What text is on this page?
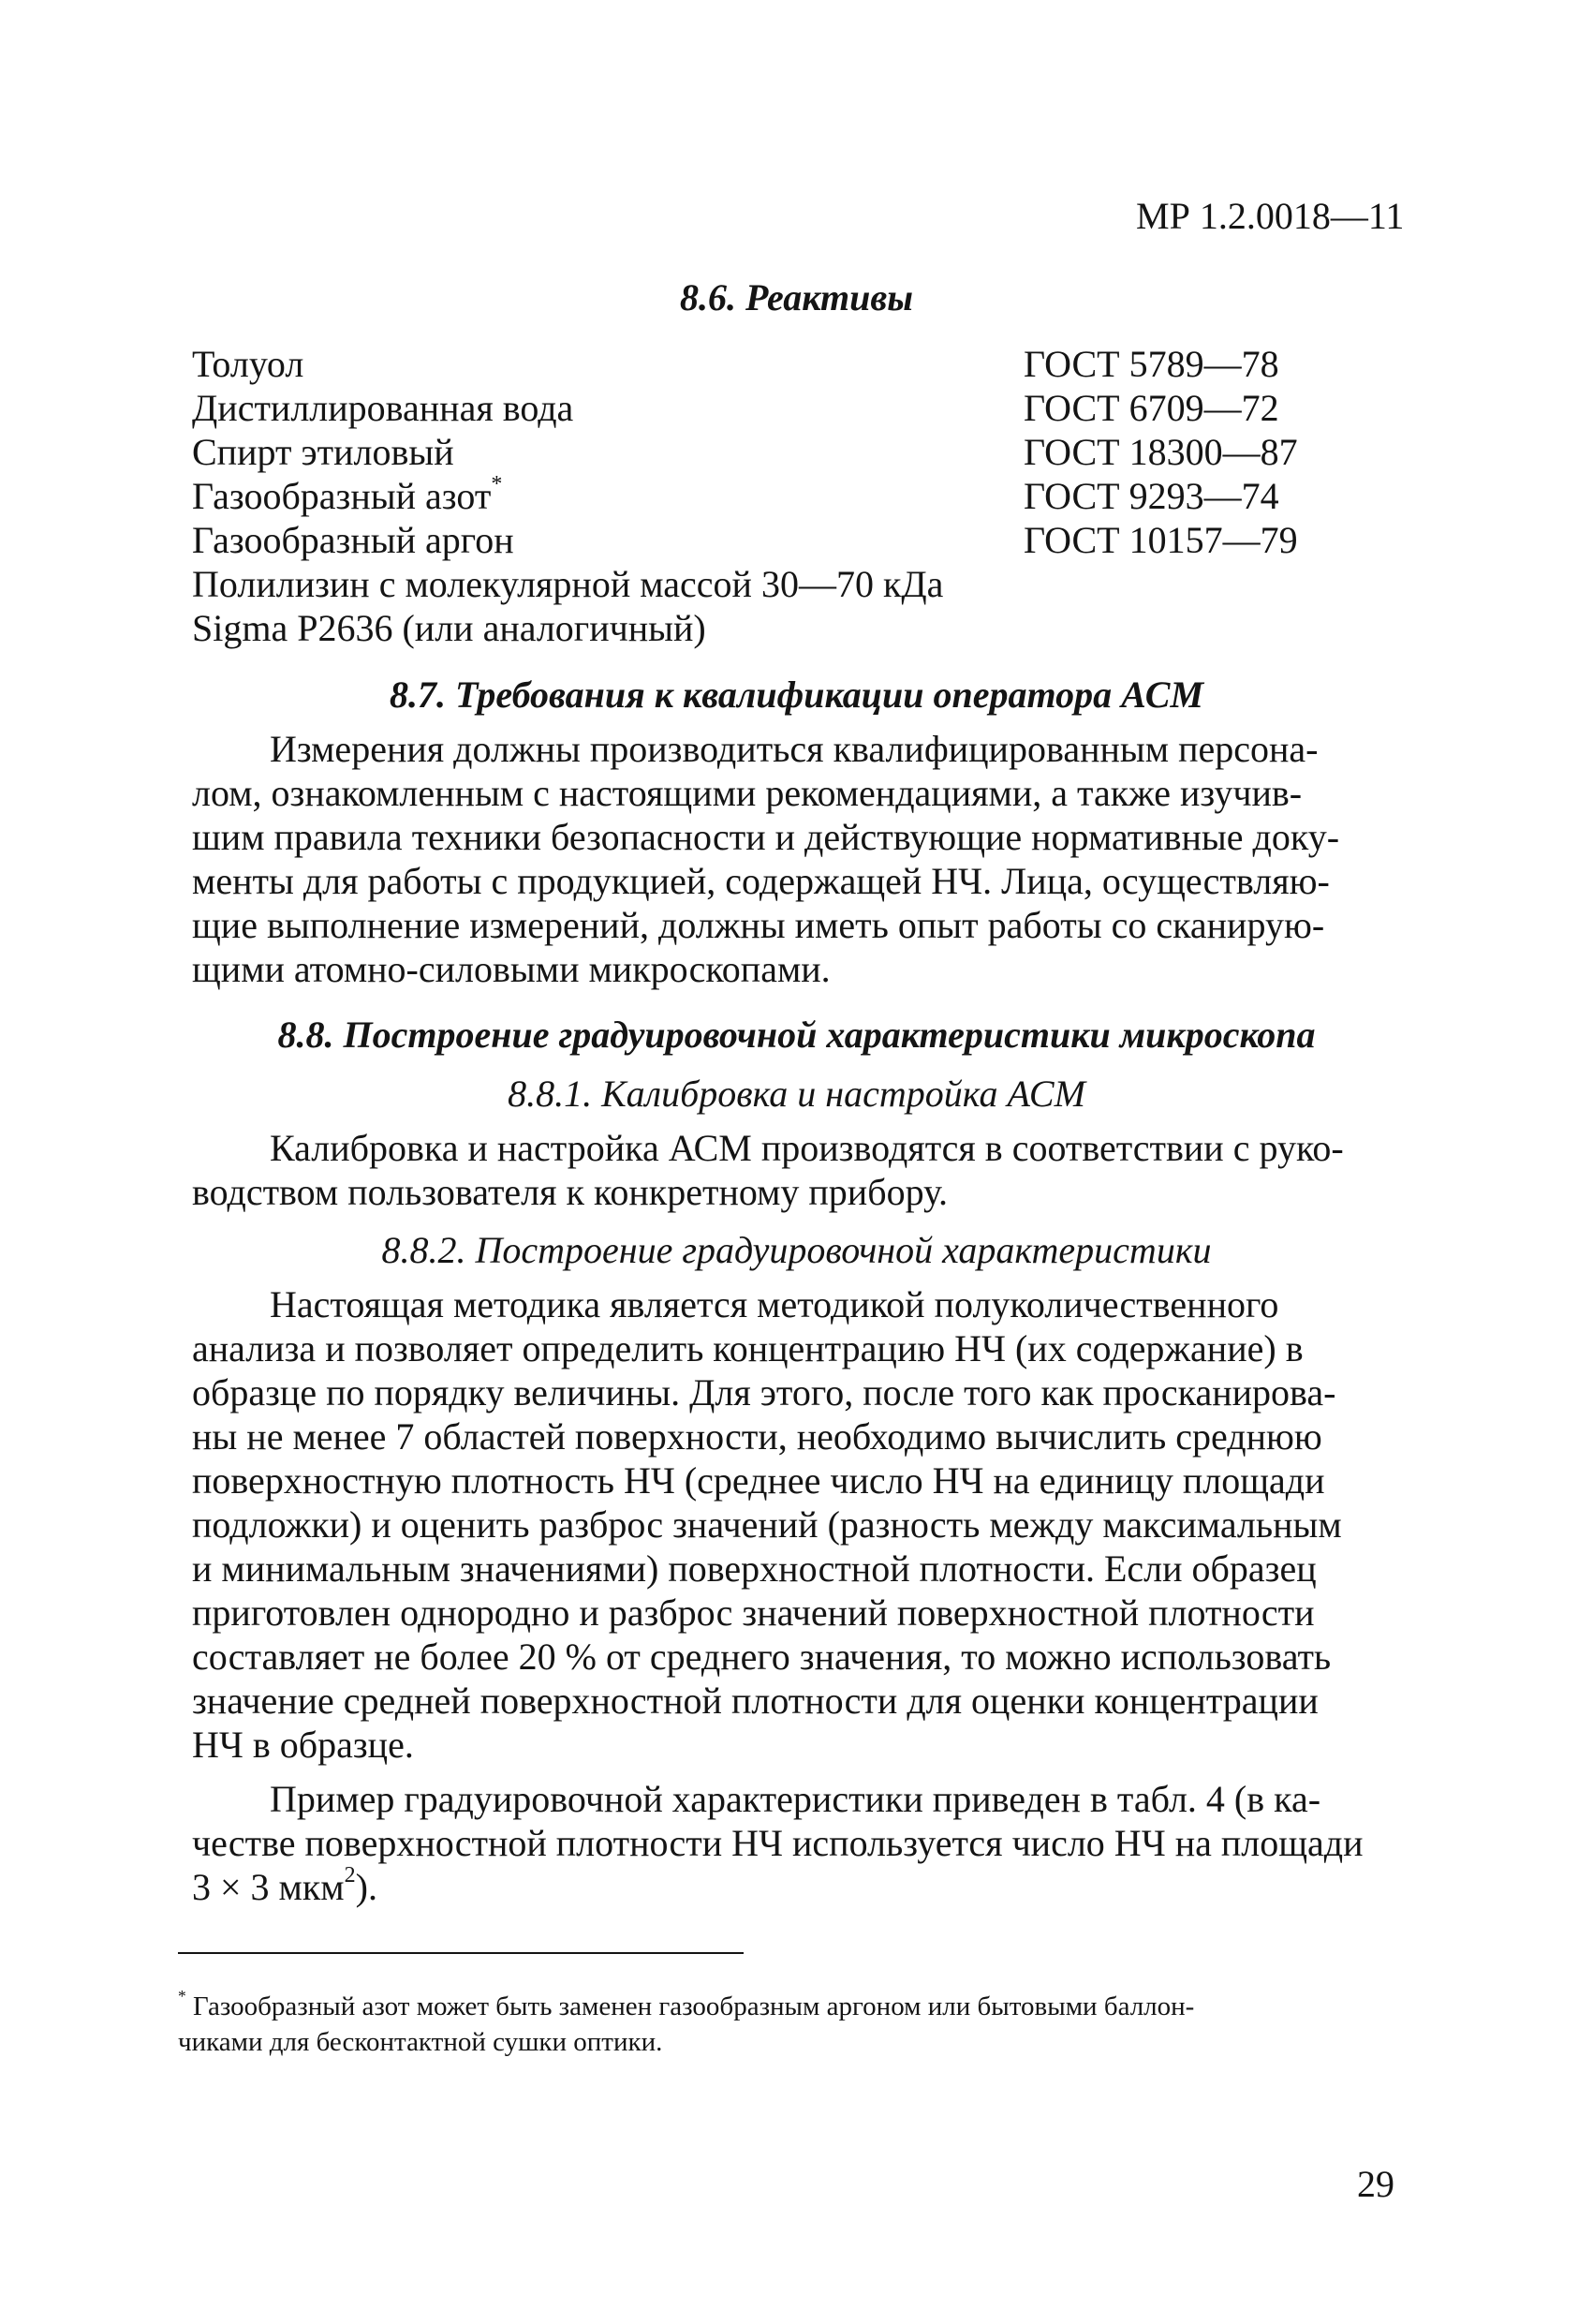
МР 1.2.0018—11
8.6. Реактивы
Толуол	ГОСТ 5789—78
Дистиллированная вода	ГОСТ 6709—72
Спирт этиловый	ГОСТ 18300—87
Газообразный азот*	ГОСТ 9293—74
Газообразный аргон	ГОСТ 10157—79
Полилизин с молекулярной массой 30—70 кДа
Sigma P2636 (или аналогичный)
8.7. Требования к квалификации оператора АСМ
Измерения должны производиться квалифицированным персона-
лом, ознакомленным с настоящими рекомендациями, а также изучив-
шим правила техники безопасности и действующие нормативные доку-
менты для работы с продукцией, содержащей НЧ. Лица, осуществляю-
щие выполнение измерений, должны иметь опыт работы со сканирую-
щими атомно-силовыми микроскопами.
8.8. Построение градуировочной характеристики микроскопа
8.8.1. Калибровка и настройка АСМ
Калибровка и настройка АСМ производятся в соответствии с руко-
водством пользователя к конкретному прибору.
8.8.2. Построение градуировочной характеристики
Настоящая методика является методикой полуколичественного
анализа и позволяет определить концентрацию НЧ (их содержание) в
образце по порядку величины. Для этого, после того как просканирова-
ны не менее 7 областей поверхности, необходимо вычислить среднюю
поверхностную плотность НЧ (среднее число НЧ на единицу площади
подложки) и оценить разброс значений (разность между максимальным
и минимальным значениями) поверхностной плотности. Если образец
приготовлен однородно и разброс значений поверхностной плотности
составляет не более 20 % от среднего значения, то можно использовать
значение средней поверхностной плотности для оценки концентрации
НЧ в образце.
Пример градуировочной характеристики приведен в табл. 4 (в ка-
честве поверхностной плотности НЧ используется число НЧ на площади
3 × 3 мкм$^2$).
* Газообразный азот может быть заменен газообразным аргоном или бытовыми баллон-
чиками для бесконтактной сушки оптики.
29
